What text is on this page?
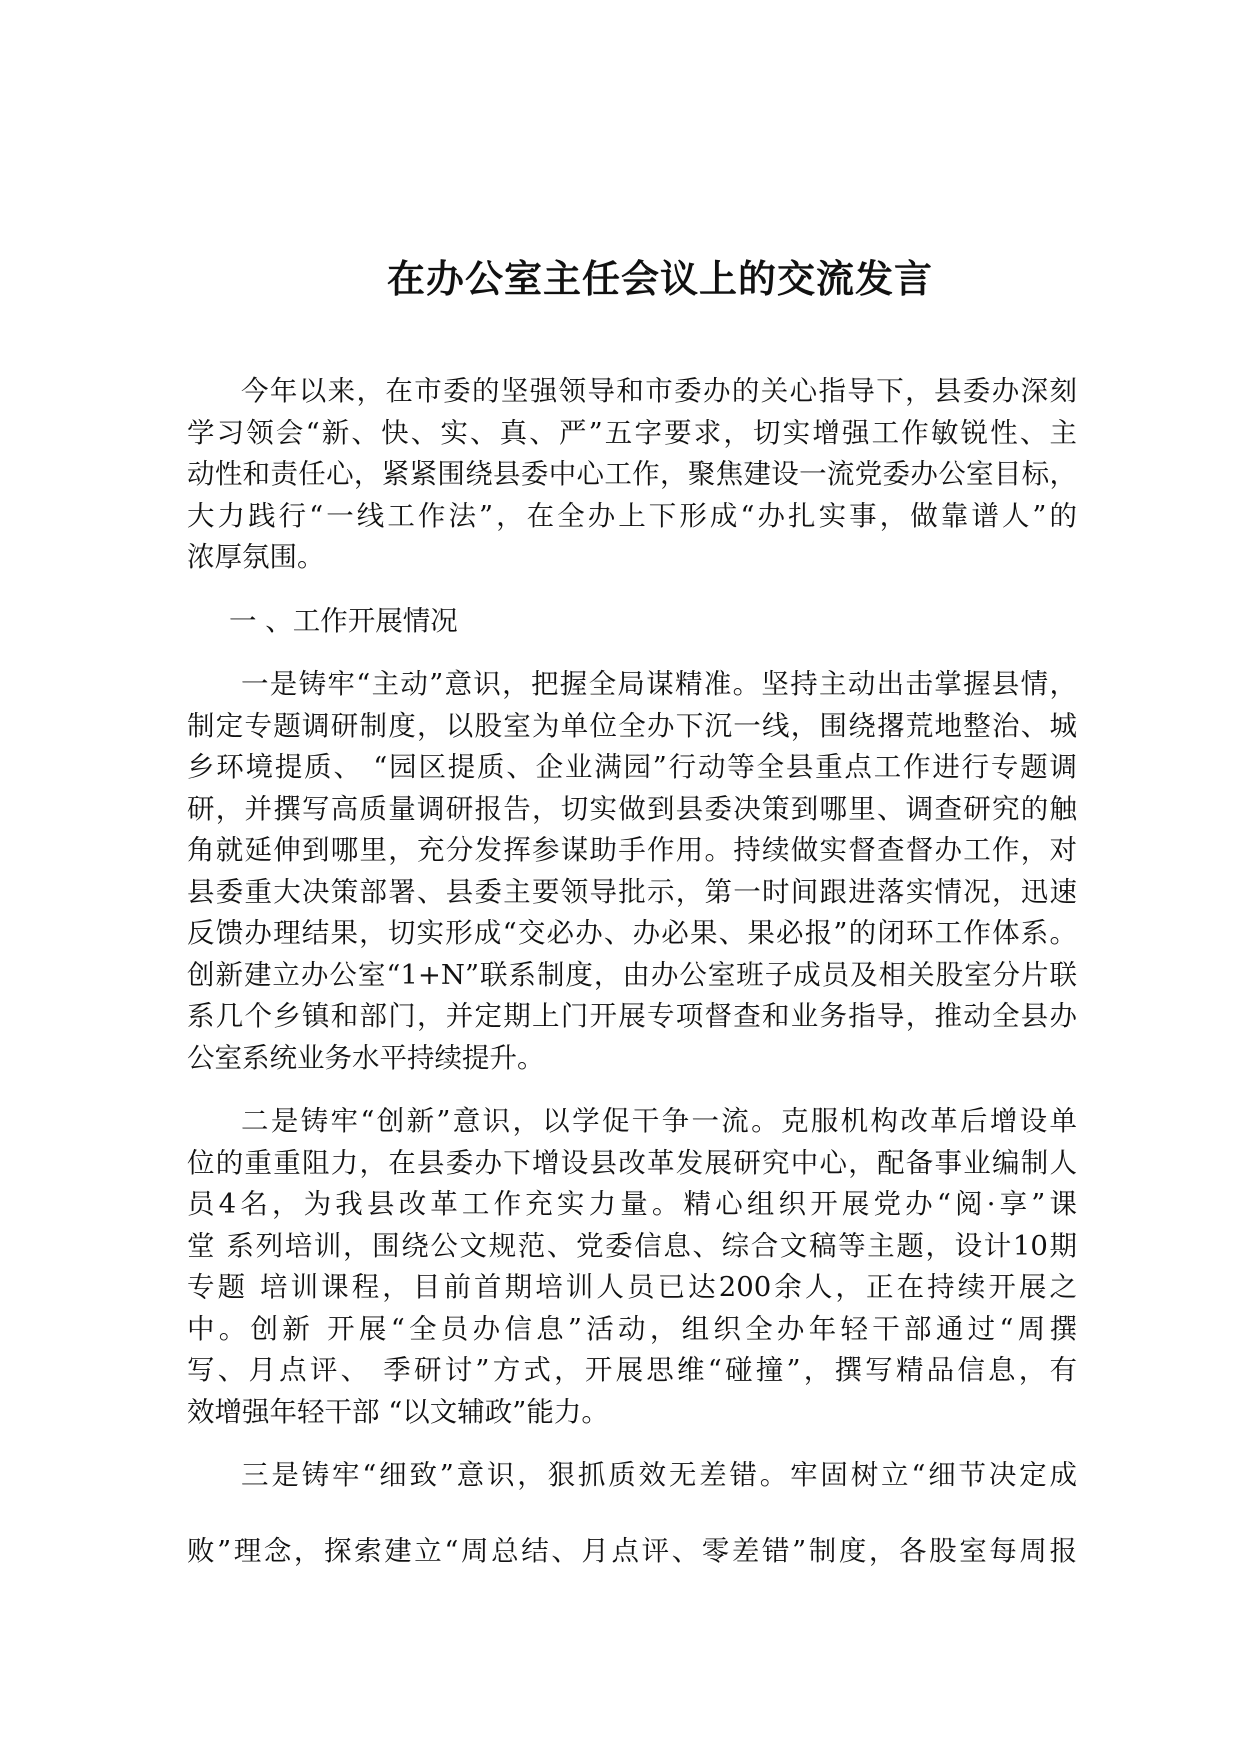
在办公室主任会议上的交流发言
今年以来，在市委的坚强领导和市委办的关心指导下，县委办深刻
学习领会“新、快、实、真、严”五字要求，切实增强工作敏锐性、主
动性和责任心，紧紧围绕县委中心工作，聚焦建设一流党委办公室目标，
大力践行“一线工作法”，在全办上下形成“办扎实事，做靠谱人”的
浓厚氛围。
一 、工作开展情况
一是铸牢“主动”意识，把握全局谋精准。坚持主动出击掌握县情，
制定专题调研制度，以股室为单位全办下沉一线，围绕撂荒地整治、城
乡环境提质、 “园区提质、企业满园”行动等全县重点工作进行专题调
研，并撰写高质量调研报告，切实做到县委决策到哪里、调查研究的触
角就延伸到哪里，充分发挥参谋助手作用。持续做实督查督办工作，对
县委重大决策部署、县委主要领导批示，第一时间跟进落实情况，迅速
反馈办理结果，切实形成“交必办、办必果、果必报”的闭环工作体系。
创新建立办公室“1+N”联系制度，由办公室班子成员及相关股室分片联
系几个乡镇和部门，并定期上门开展专项督查和业务指导，推动全县办
公室系统业务水平持续提升。
二是铸牢“创新”意识，以学促干争一流。克服机构改革后增设单
位的重重阻力，在县委办下增设县改革发展研究中心，配备事业编制人
员4名，为我县改革工作充实力量。精心组织开展党办“阅·享”课
堂 系列培训，围绕公文规范、党委信息、综合文稿等主题，设计10期
专题 培训课程，目前首期培训人员已达200余人，正在持续开展之
中。创新 开展“全员办信息”活动，组织全办年轻干部通过“周撰
写、月点评、 季研讨”方式，开展思维“碰撞”，撰写精品信息，有
效增强年轻干部 “以文辅政”能力。
三是铸牢“细致”意识，狠抓质效无差错。牢固树立“细节决定成
败”理念，探索建立“周总结、月点评、零差错”制度，各股室每周报
